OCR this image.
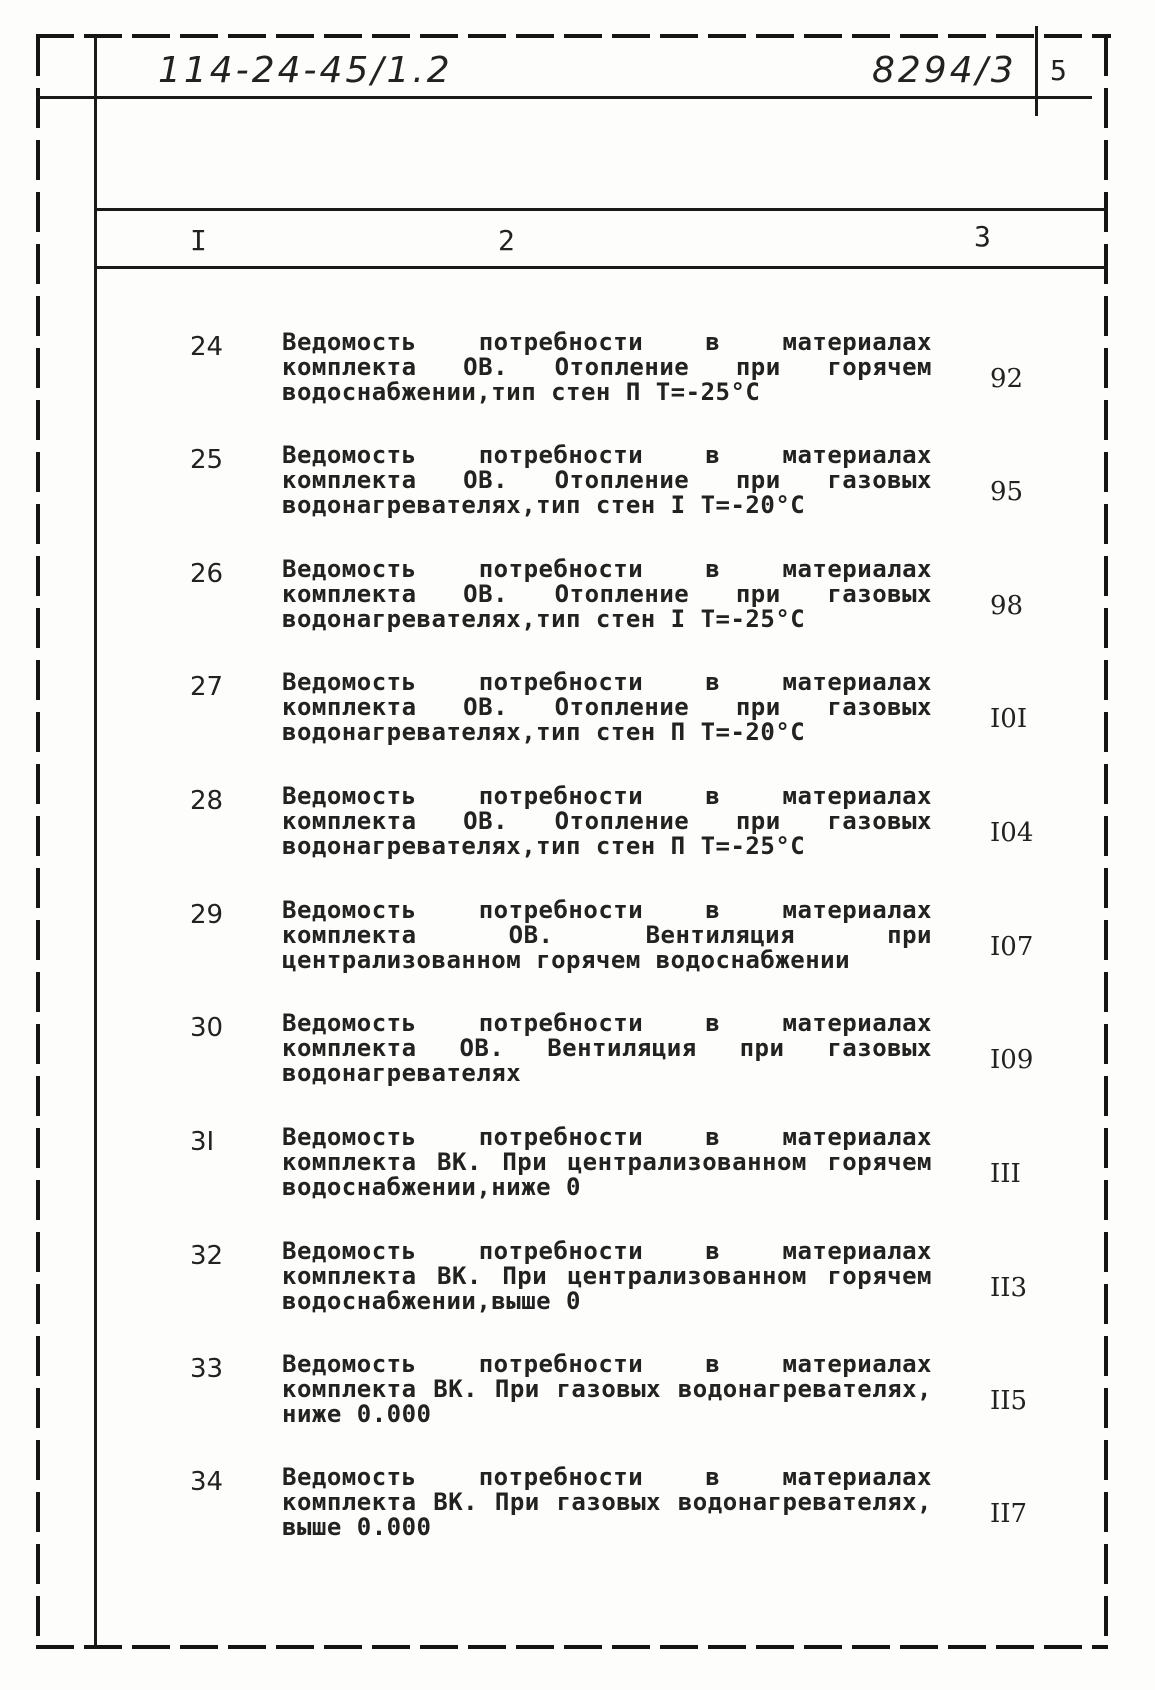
114-24-45/1.2	8294/3 5
I	2	3
24 Ведомость потребности в материалах комплекта ОВ. Отопление при горячем водоснабжении,тип стен П Т=-25°С	92
25 Ведомость потребности в материалах комплекта ОВ. Отопление при газовых водонагревателях,тип стен I Т=-20°С	95
26 Ведомость потребности в материалах комплекта ОВ. Отопление при газовых водонагревателях,тип стен I Т=-25°С	98
27 Ведомость потребности в материалах комплекта ОВ. Отопление при газовых водонагревателях,тип стен П Т=-20°С	I0I
28 Ведомость потребности в материалах комплекта ОВ. Отопление при газовых водонагревателях,тип стен П Т=-25°С	I04
29 Ведомость потребности в материалах комплекта ОВ. Вентиляция при централизованном горячем водоснабжении	I07
30 Ведомость потребности в материалах комплекта ОВ. Вентиляция при газовых водонагревателях	I09
3I	Ведомость потребности в материалах комплекта ВК. При централизованном горячем водоснабжении,ниже 0	III
32 Ведомость потребности в материалах комплекта ВК. При централизованном горячем водоснабжении,выше 0	II3
33 Ведомость потребности в материалах комплекта ВК. При газовых водонагревателях, ниже 0.000	II5
34 Ведомость потребности в материалах комплекта ВК. При газовых водонагревателях, выше 0.000	II7
